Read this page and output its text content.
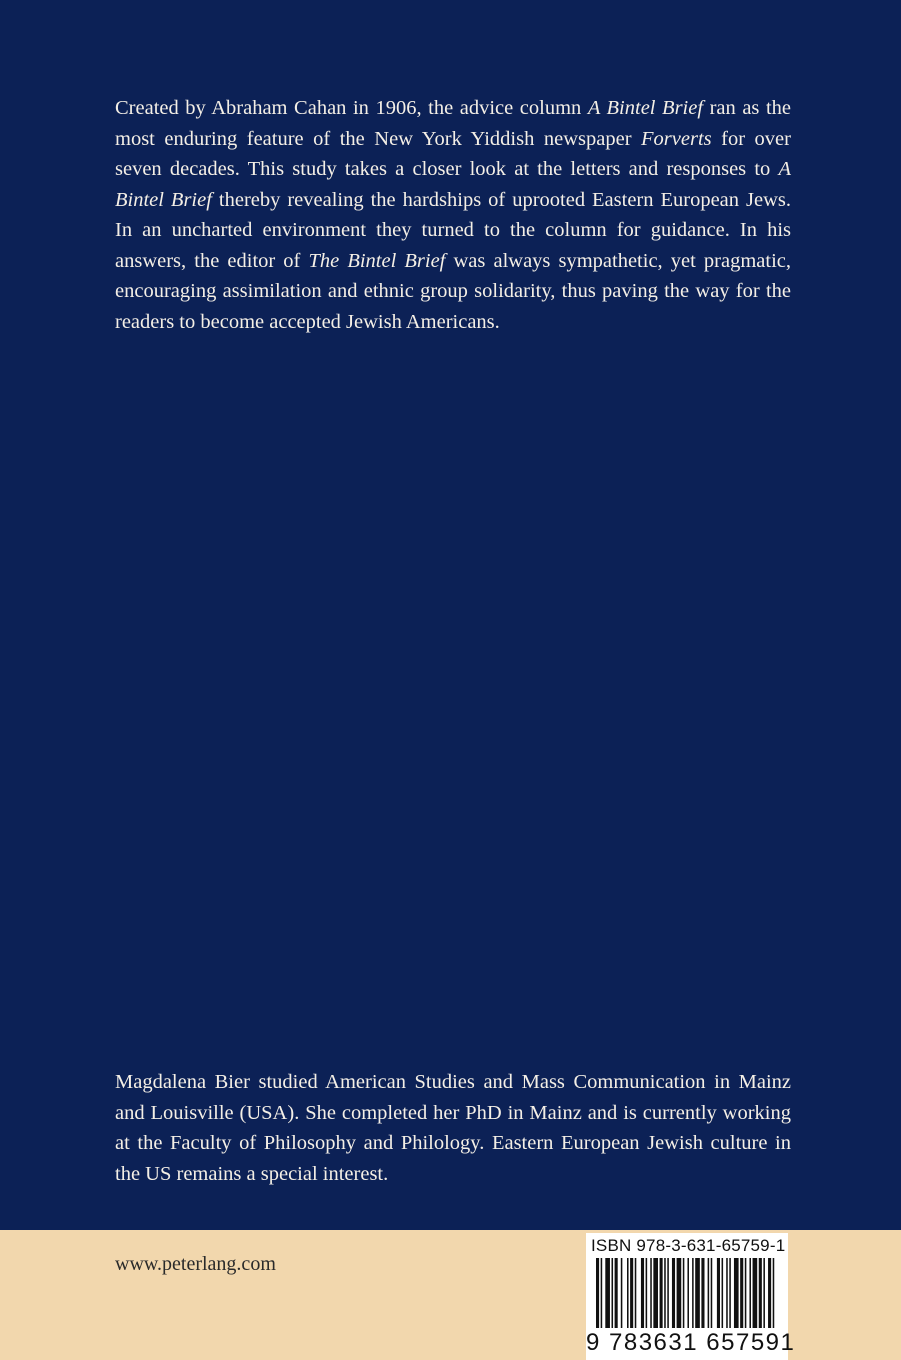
Created by Abraham Cahan in 1906, the advice column A Bintel Brief ran as the most enduring feature of the New York Yiddish newspaper Forverts for over seven decades. This study takes a closer look at the letters and responses to A Bintel Brief thereby revealing the hardships of uprooted Eastern European Jews. In an uncharted environment they turned to the column for guidance. In his answers, the editor of The Bintel Brief was always sympathetic, yet pragmatic, encouraging assimilation and ethnic group solidarity, thus paving the way for the readers to become accepted Jewish Americans.

Magdalena Bier studied American Studies and Mass Communication in Mainz and Louisville (USA). She completed her PhD in Mainz and is currently working at the Faculty of Philosophy and Philology. Eastern European Jewish culture in the US remains a special interest.

www.peterlang.com
ISBN 978-3-631-65759-1
9 783631 657591
